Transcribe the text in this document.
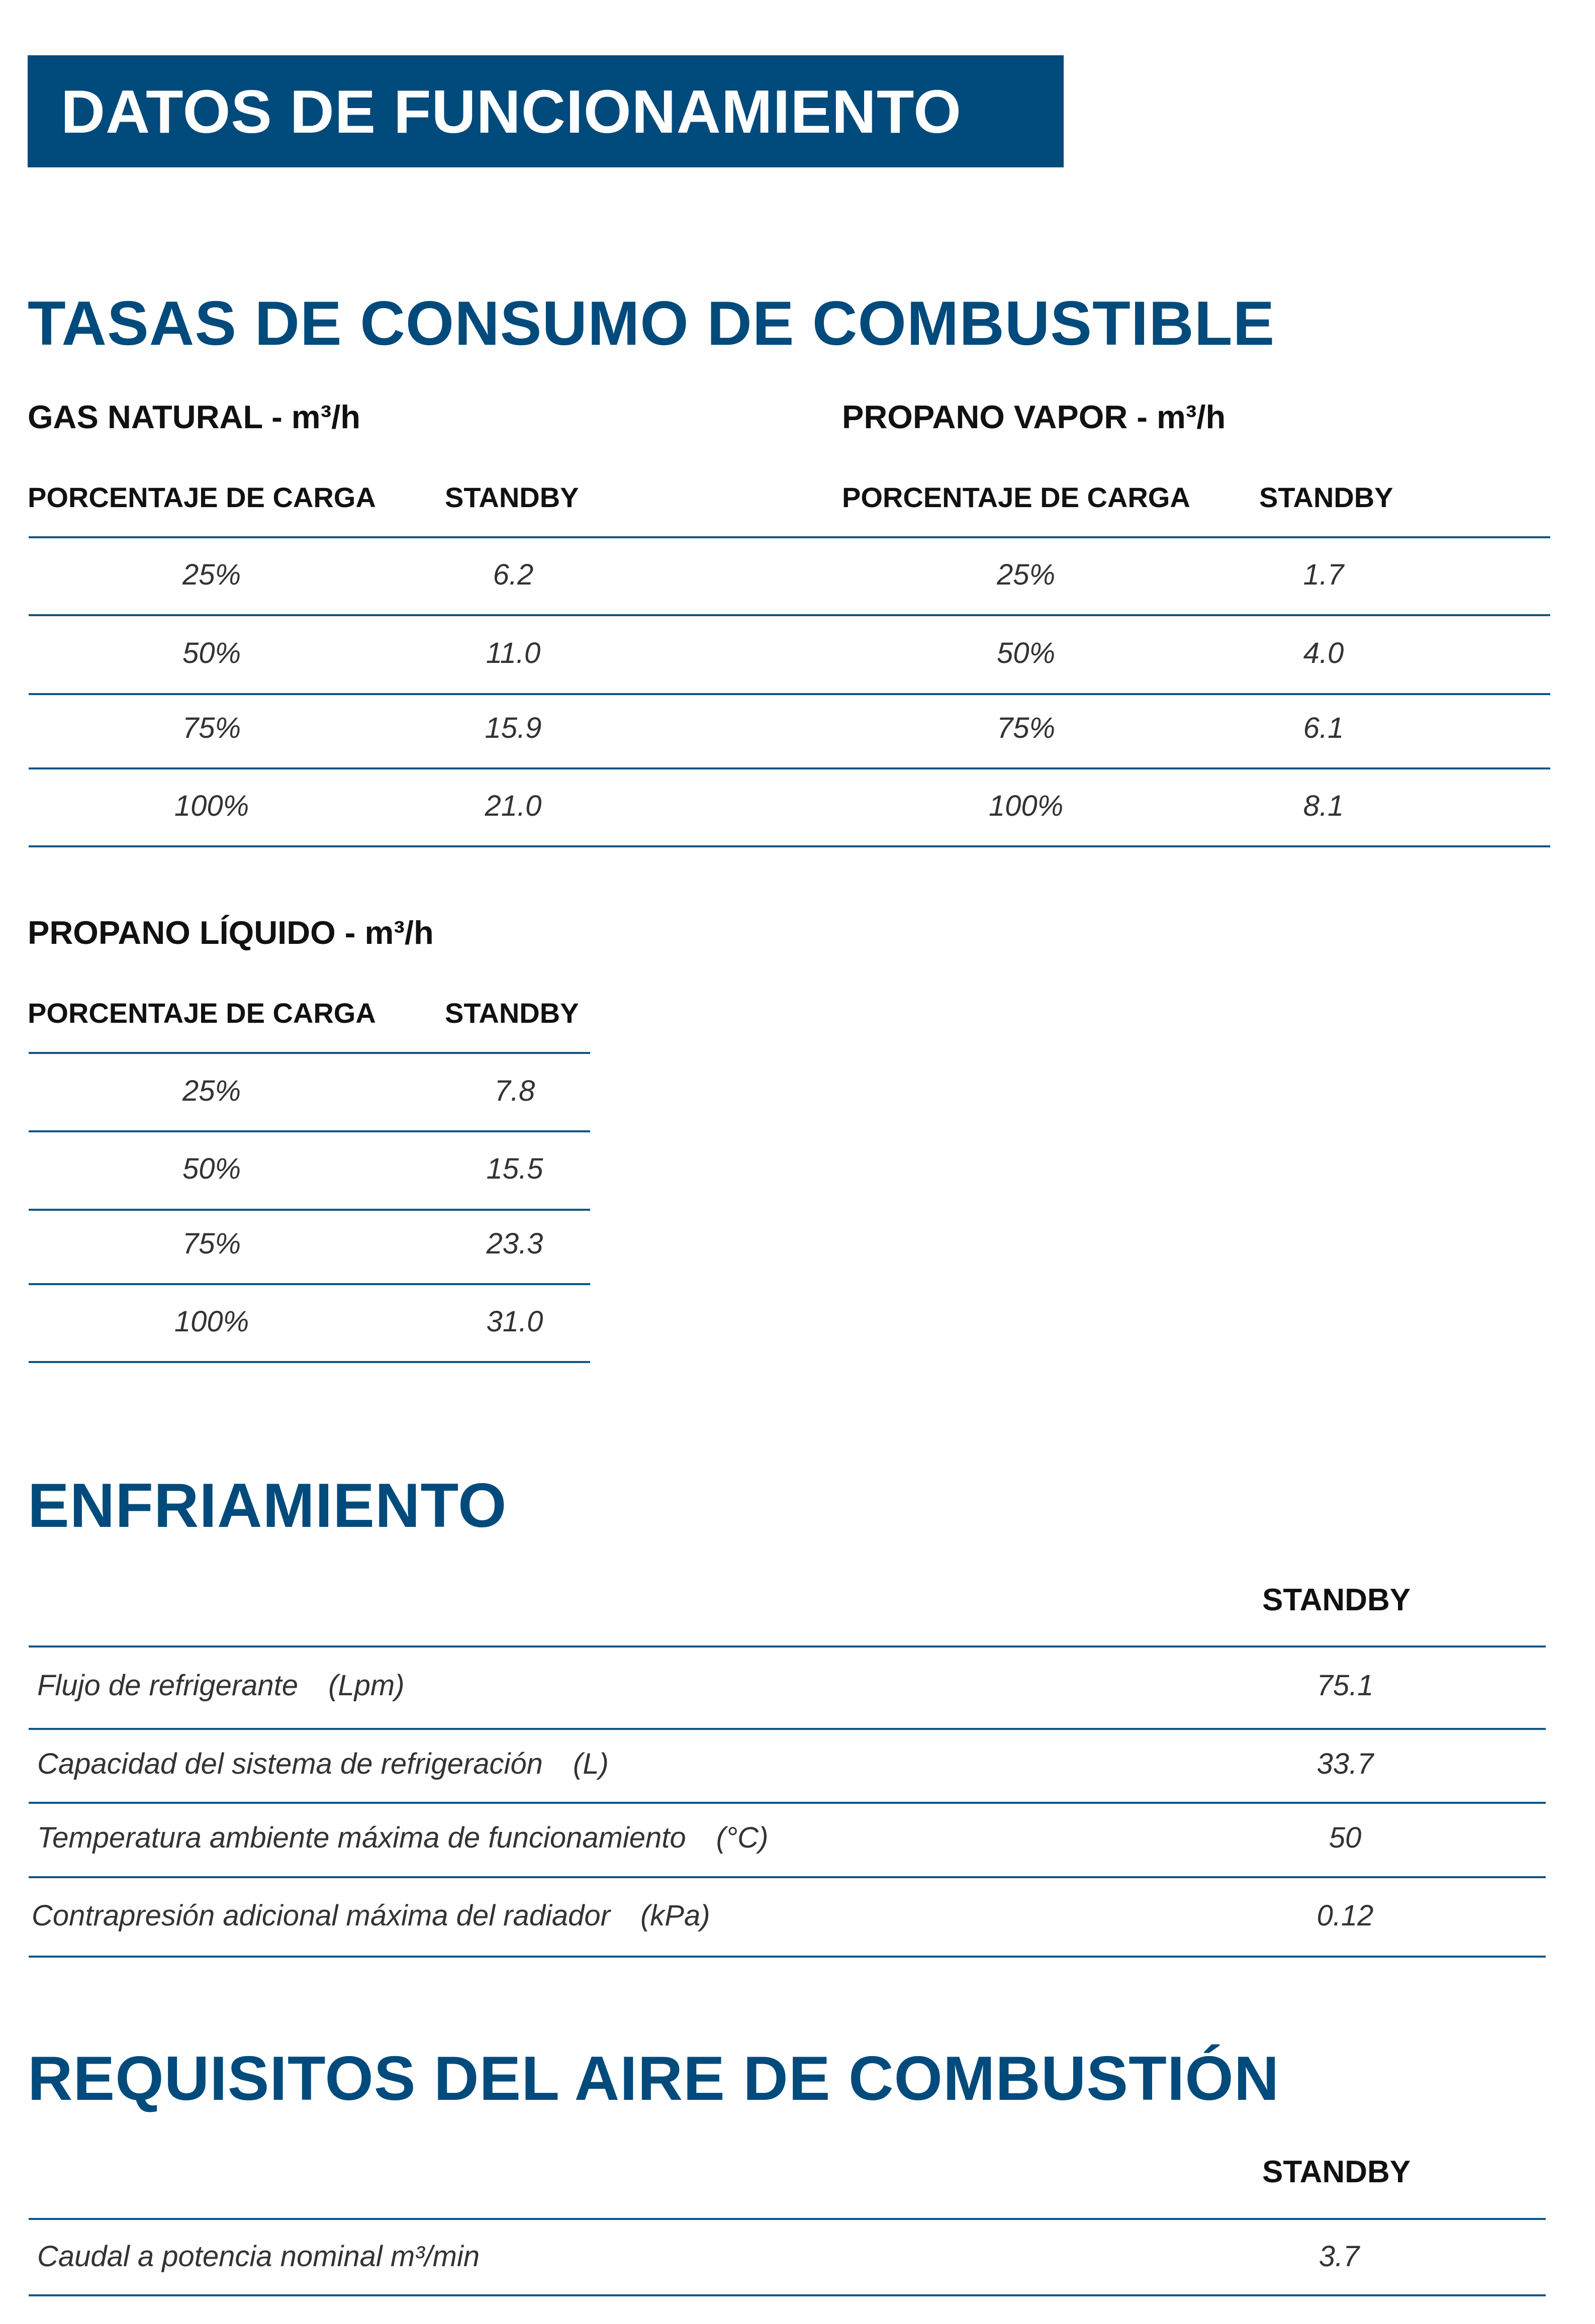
DATOS DE FUNCIONAMIENTO
TASAS DE CONSUMO DE COMBUSTIBLE
GAS NATURAL - m³/h
PORCENTAJE DE CARGA STANDBY
25%	6.2
50%	11.0
75%	15.9
100%	21.0
PROPANO VAPOR - m³/h
PORCENTAJE DE CARGA STANDBY
25%	1.7
50%	4.0
75%	6.1
100%	8.1
PROPANO LÍQUIDO - m³/h
PORCENTAJE DE CARGA STANDBY
25%	7.8
50%	15.5
75%	23.3
100%	31.0
ENFRIAMIENTO
STANDBY
Flujo de refrigerante (Lpm)	75.1
Capacidad del sistema de refrigeración (L)	33.7
Temperatura ambiente máxima de funcionamiento (°C)	50
Contrapresión adicional máxima del radiador (kPa)	0.12
REQUISITOS DEL AIRE DE COMBUSTIÓN
STANDBY
Caudal a potencia nominal m³/min	3.7
